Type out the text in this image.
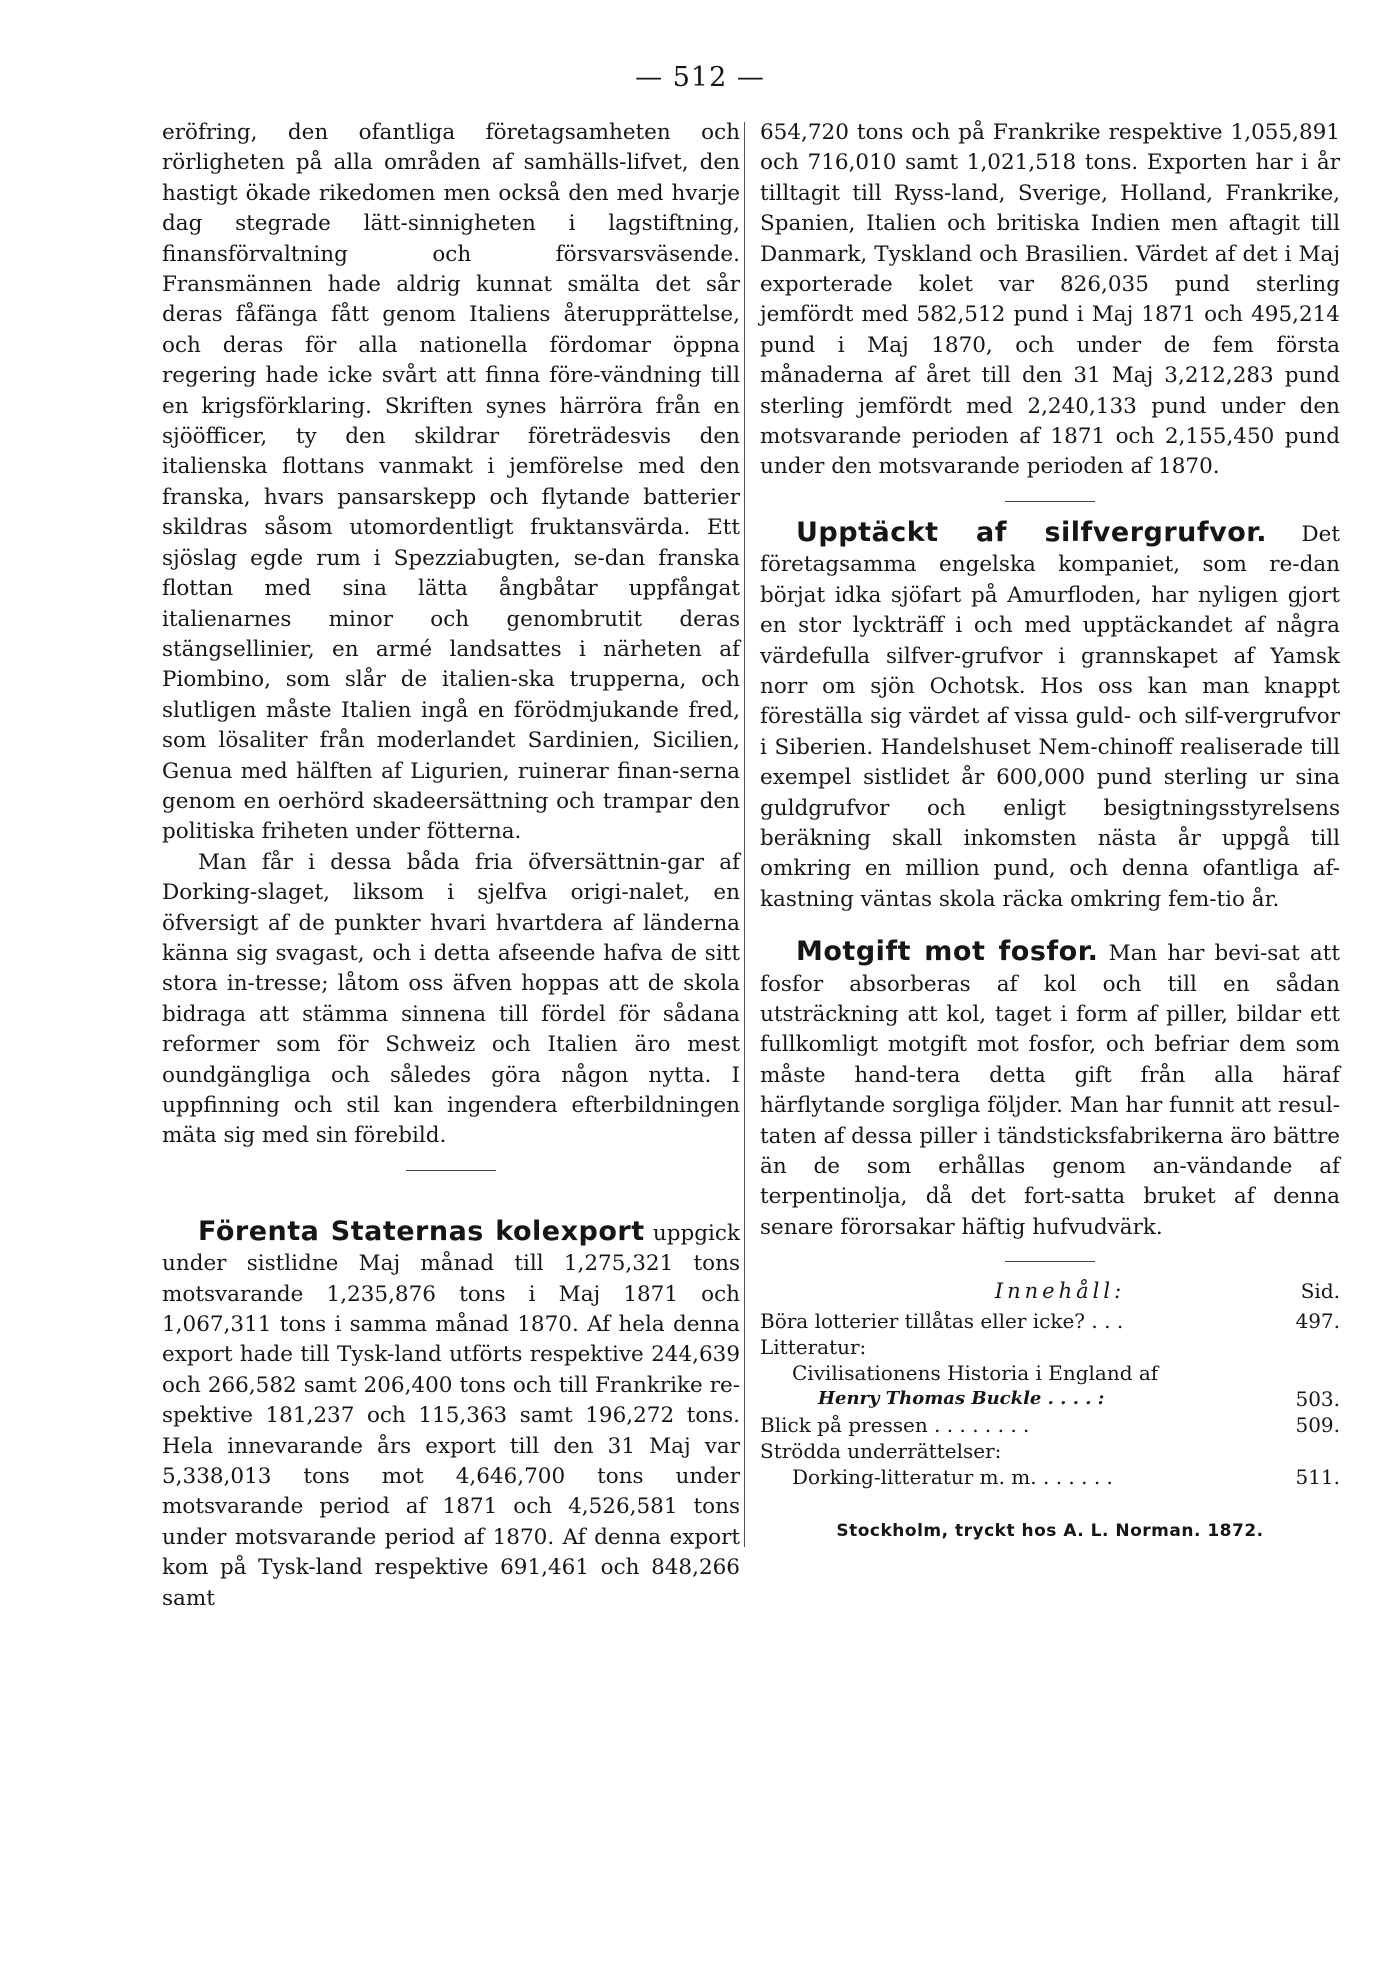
— 512 —

eröfring, den ofantliga företagsamheten och rörligheten på alla områden af samhälls-lifvet, den hastigt ökade rikedomen men också den med hvarje dag stegrade lätt-sinnigheten i lagstiftning, finansförvaltning och försvarsväsende. Fransmännen hade aldrig kunnat smälta det sår deras fåfänga fått genom Italiens återupprättelse, och deras för alla nationella fördomar öppna regering hade icke svårt att finna före-vändning till en krigsförklaring. Skriften synes härröra från en sjööfficer, ty den skildrar företrädesvis den italienska flottans vanmakt i jemförelse med den franska, hvars pansarskepp och flytande batterier skildras såsom utomordentligt fruktansvärda. Ett sjöslag egde rum i Spezziabugten, se-dan franska flottan med sina lätta ångbåtar uppfångat italienarnes minor och genombrutit deras stängsellinier, en armé landsattes i närheten af Piombino, som slår de italien-ska trupperna, och slutligen måste Italien ingå en förödmjukande fred, som lösaliter från moderlandet Sardinien, Sicilien, Genua med hälften af Ligurien, ruinerar finan-serna genom en oerhörd skadeersättning och trampar den politiska friheten under fötterna.

Man får i dessa båda fria öfversättnin-gar af Dorking-slaget, liksom i sjelfva origi-nalet, en öfversigt af de punkter hvari hvartdera af länderna känna sig svagast, och i detta afseende hafva de sitt stora in-tresse; låtom oss äfven hoppas att de skola bidraga att stämma sinnena till fördel för sådana reformer som för Schweiz och Italien äro mest oundgängliga och således göra någon nytta. I uppfinning och stil kan ingendera efterbildningen mäta sig med sin förebild.

Förenta Staternas kolexport uppgick under sistlidne Maj månad till 1,275,321 tons motsvarande 1,235,876 tons i Maj 1871 och 1,067,311 tons i samma månad 1870. Af hela denna export hade till Tysk-land utförts respektive 244,639 och 266,582 samt 206,400 tons och till Frankrike re-spektive 181,237 och 115,363 samt 196,272 tons. Hela innevarande års export till den 31 Maj var 5,338,013 tons mot 4,646,700 tons under motsvarande period af 1871 och 4,526,581 tons under motsvarande period af 1870. Af denna export kom på Tysk-land respektive 691,461 och 848,266 samt

654,720 tons och på Frankrike respektive 1,055,891 och 716,010 samt 1,021,518 tons. Exporten har i år tilltagit till Ryss-land, Sverige, Holland, Frankrike, Spanien, Italien och britiska Indien men aftagit till Danmark, Tyskland och Brasilien. Värdet af det i Maj exporterade kolet var 826,035 pund sterling jemfördt med 582,512 pund i Maj 1871 och 495,214 pund i Maj 1870, och under de fem första månaderna af året till den 31 Maj 3,212,283 pund sterling jemfördt med 2,240,133 pund under den motsvarande perioden af 1871 och 2,155,450 pund under den motsvarande perioden af 1870.

Upptäckt af silfvergrufvor. Det företagsamma engelska kompaniet, som re-dan börjat idka sjöfart på Amurfloden, har nyligen gjort en stor lyckträff i och med upptäckandet af några värdefulla silfver-grufvor i grannskapet af Yamsk norr om sjön Ochotsk. Hos oss kan man knappt föreställa sig värdet af vissa guld- och silf-vergrufvor i Siberien. Handelshuset Nem-chinoff realiserade till exempel sistlidet år 600,000 pund sterling ur sina guldgrufvor och enligt besigtningsstyrelsens beräkning skall inkomsten nästa år uppgå till omkring en million pund, och denna ofantliga af-kastning väntas skola räcka omkring fem-tio år.

Motgift mot fosfor. Man har bevi-sat att fosfor absorberas af kol och till en sådan utsträckning att kol, taget i form af piller, bildar ett fullkomligt motgift mot fosfor, och befriar dem som måste hand-tera detta gift från alla häraf härflytande sorgliga följder. Man har funnit att resul-taten af dessa piller i tändsticksfabrikerna äro bättre än de som erhållas genom an-vändande af terpentinolja, då det fort-satta bruket af denna senare förorsakar häftig hufvudvärk.

Innehåll:	Sid.
Böra lotterier tillåtas eller icke? . . .	497.
Litteratur:
Civilisationens Historia i England af
Henry Thomas Buckle . . . . :	503.
Blick på pressen . . . . . . . .	509.
Strödda underrättelser:
Dorking-litteratur m. m. . . . . . .	511.
Stockholm, tryckt hos A. L. Norman. 1872.
